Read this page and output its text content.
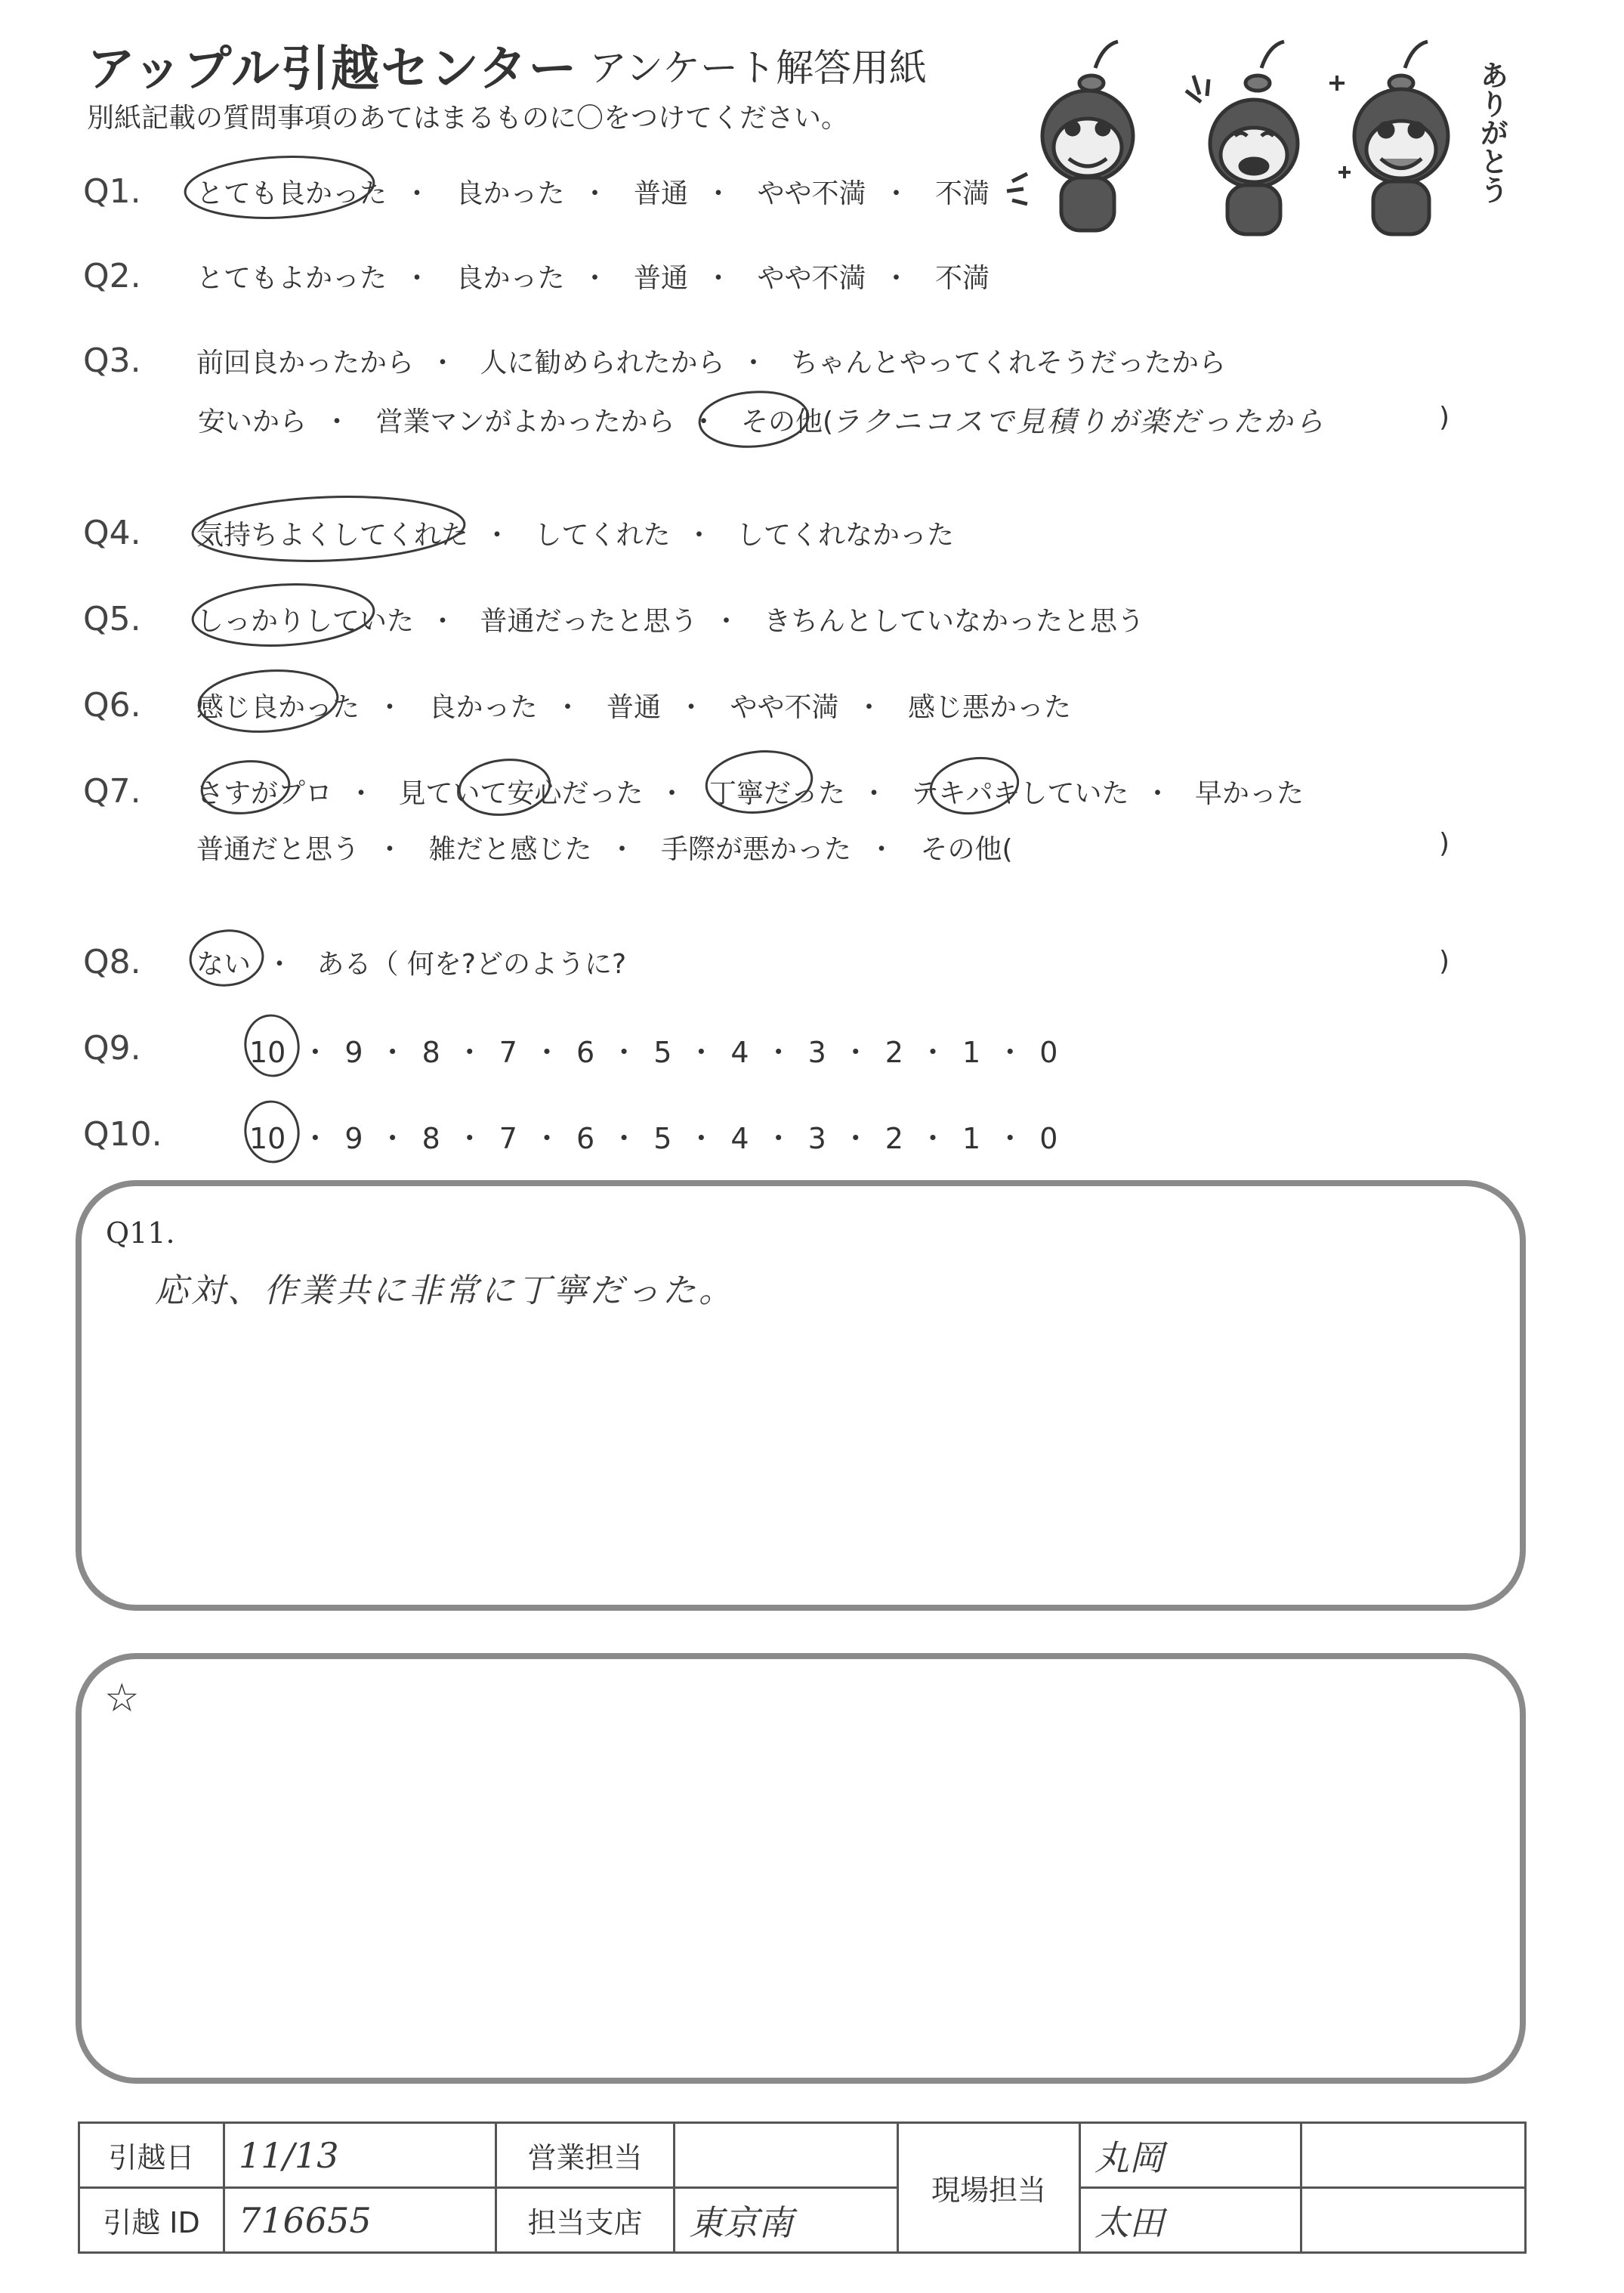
アップル引越センター アンケート解答用紙
別紙記載の質問事項のあてはまるものに〇をつけてください。	ありがとう
Q1. とても良かった ・ 良かった ・ 普通 ・ やや不満 ・ 不満
Q2. とてもよかった ・ 良かった ・ 普通 ・ やや不満 ・ 不満
Q3. 前回良かったから ・ 人に勧められたから ・ ちゃんとやってくれそうだったから
安いから ・ 営業マンがよかったから ・ その他(
ラクニコスで見積りが楽だったから	)
Q4. 気持ちよくしてくれた ・ してくれた ・ してくれなかった
Q5. しっかりしていた ・ 普通だったと思う ・ きちんとしていなかったと思う
Q6. 感じ良かった ・ 良かった ・ 普通 ・ やや不満 ・ 感じ悪かった
Q7. さすがプロ ・ 見ていて安心だった ・ 丁寧だった ・ テキパキしていた ・ 早かった
普通だと思う ・ 雑だと感じた ・ 手際が悪かった ・ その他(	)
Q8. ない ・ ある（ 何を?どのように?	)
Q9.	10 ・ 9 ・ 8 ・ 7 ・ 6 ・ 5 ・ 4 ・ 3 ・ 2 ・ 1 ・ 0
Q10.	10 ・ 9 ・ 8 ・ 7 ・ 6 ・ 5 ・ 4 ・ 3 ・ 2 ・ 1 ・ 0
Q11.
応対、作業共に非常に丁寧だった。
☆
引越日	11/13	営業担当		現場担当	丸岡	
引越 ID	716655	担当支店	東京南		太田	
